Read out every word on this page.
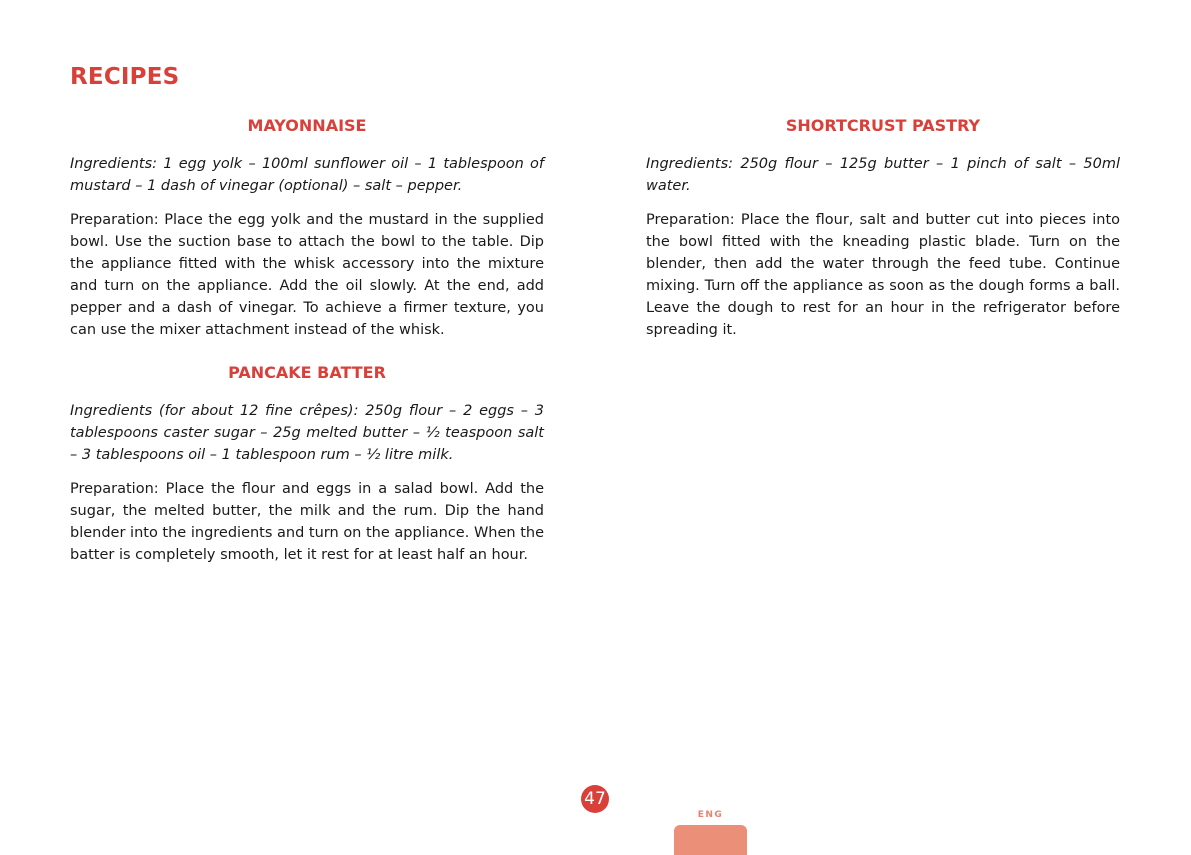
RECIPES
MAYONNAISE

Ingredients: 1 egg yolk – 100ml sunflower oil – 1 tablespoon of mustard – 1 dash of vinegar (optional) – salt – pepper.

Preparation: Place the egg yolk and the mustard in the supplied bowl. Use the suction base to attach the bowl to the table. Dip the appliance fitted with the whisk accessory into the mixture and turn on the appliance. Add the oil slowly. At the end, add pepper and a dash of vinegar. To achieve a firmer texture, you can use the mixer attachment instead of the whisk.

PANCAKE BATTER

Ingredients (for about 12 fine crêpes): 250g flour – 2 eggs – 3 tablespoons caster sugar – 25g melted butter – ½ teaspoon salt – 3 tablespoons oil – 1 tablespoon rum – ½ litre milk.

Preparation: Place the flour and eggs in a salad bowl. Add the sugar, the melted butter, the milk and the rum. Dip the hand blender into the ingredients and turn on the appliance. When the batter is completely smooth, let it rest for at least half an hour.

SHORTCRUST PASTRY

Ingredients: 250g flour – 125g butter – 1 pinch of salt – 50ml water.

Preparation: Place the flour, salt and butter cut into pieces into the bowl fitted with the kneading plastic blade. Turn on the blender, then add the water through the feed tube. Continue mixing. Turn off the appliance as soon as the dough forms a ball. Leave the dough to rest for an hour in the refrigerator before spreading it.

47
ENG
